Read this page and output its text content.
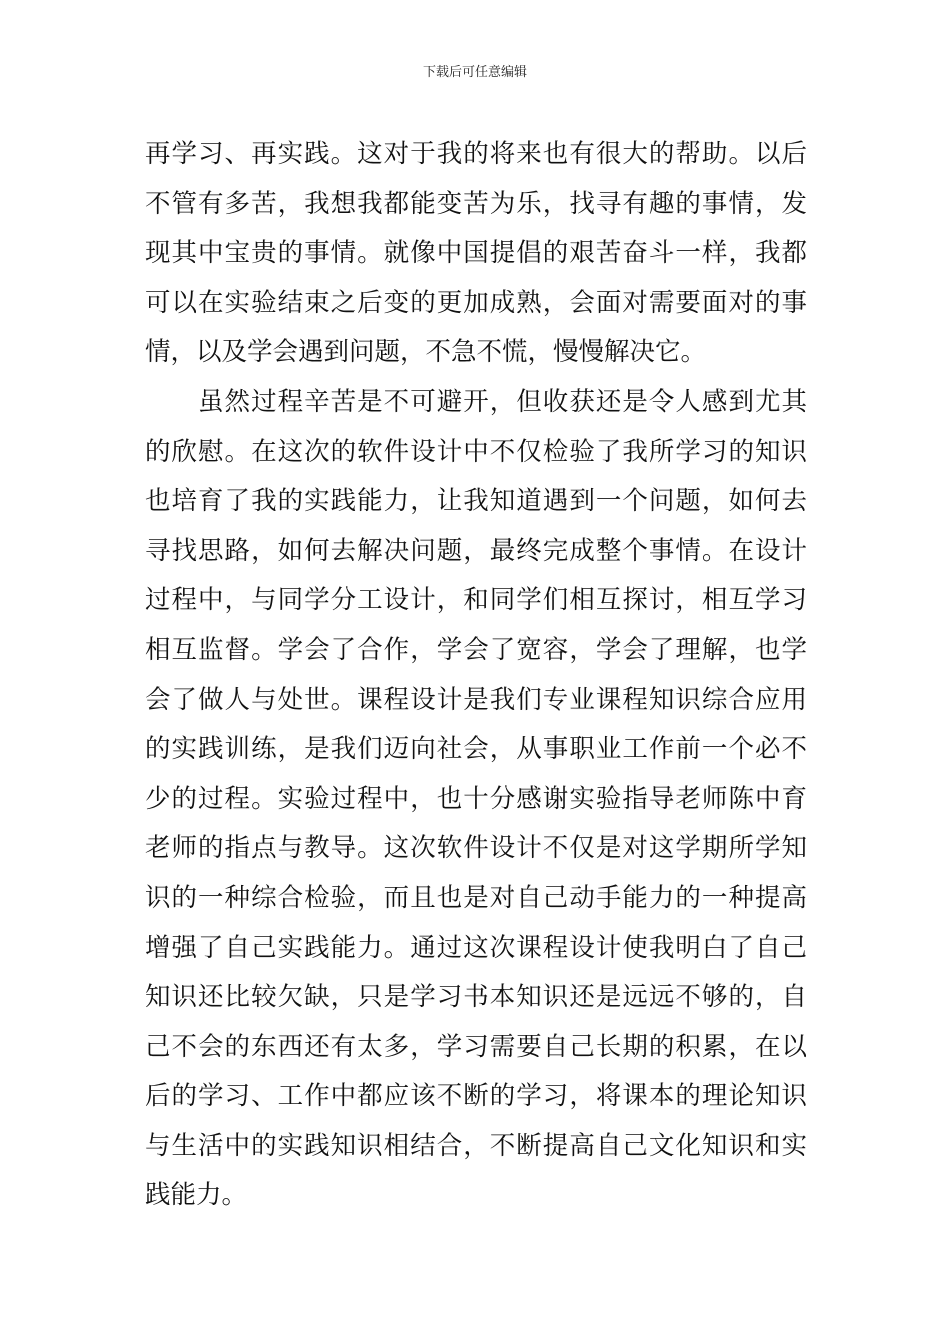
下载后可任意编辑
再学习、再实践。这对于我的将来也有很大的帮助。以后
不管有多苦，我想我都能变苦为乐，找寻有趣的事情，发
现其中宝贵的事情。就像中国提倡的艰苦奋斗一样，我都
可以在实验结束之后变的更加成熟，会面对需要面对的事
情，以及学会遇到问题，不急不慌，慢慢解决它。
　　虽然过程辛苦是不可避开，但收获还是令人感到尤其
的欣慰。在这次的软件设计中不仅检验了我所学习的知识
也培育了我的实践能力，让我知道遇到一个问题，如何去
寻找思路，如何去解决问题，最终完成整个事情。在设计
过程中，与同学分工设计，和同学们相互探讨，相互学习
相互监督。学会了合作，学会了宽容，学会了理解，也学
会了做人与处世。课程设计是我们专业课程知识综合应用
的实践训练，是我们迈向社会，从事职业工作前一个必不
少的过程。实验过程中，也十分感谢实验指导老师陈中育
老师的指点与教导。这次软件设计不仅是对这学期所学知
识的一种综合检验，而且也是对自己动手能力的一种提高
增强了自己实践能力。通过这次课程设计使我明白了自己
知识还比较欠缺，只是学习书本知识还是远远不够的，自
己不会的东西还有太多，学习需要自己长期的积累，在以
后的学习、工作中都应该不断的学习，将课本的理论知识
与生活中的实践知识相结合，不断提高自己文化知识和实
践能力。
